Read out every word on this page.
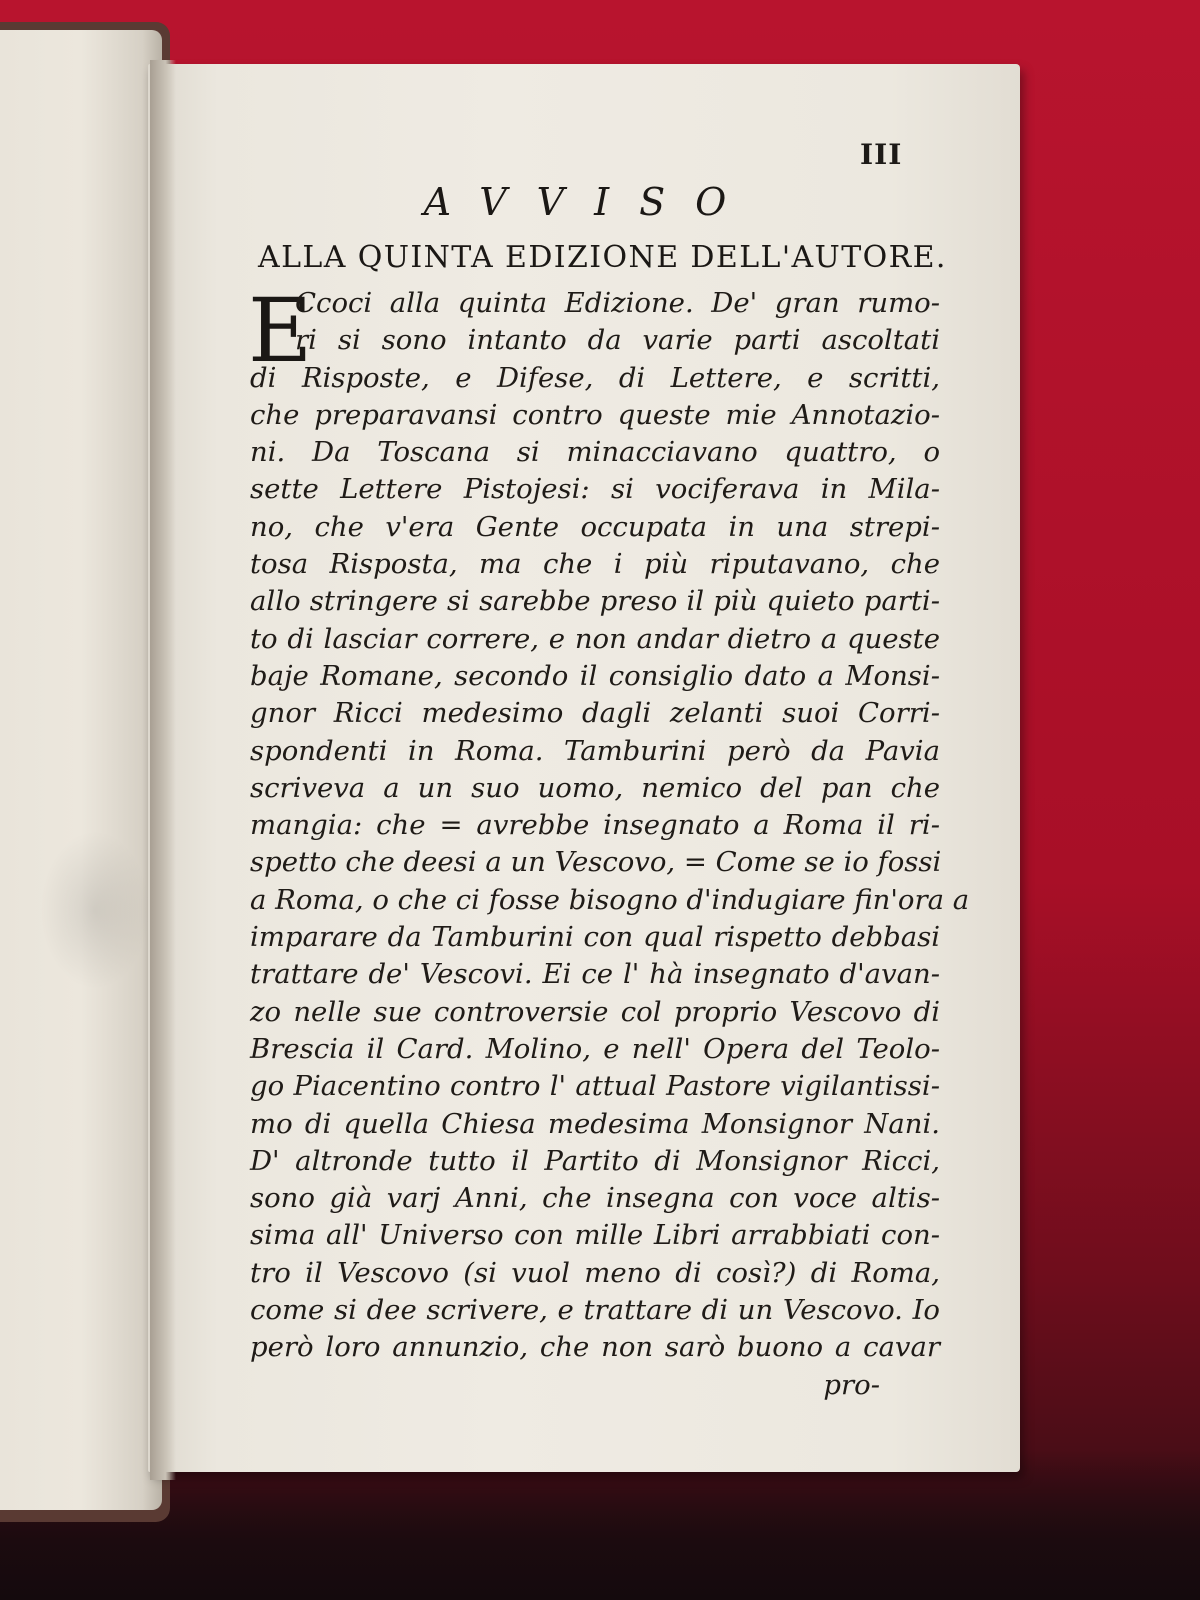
III
AVVISO
ALLA QUINTA EDIZIONE DELL'AUTORE.
E
Ccoci alla quinta Edizione. De' gran rumo-
ri si sono intanto da varie parti ascoltati
di Risposte, e Difese, di Lettere, e scritti,
che preparavansi contro queste mie Annotazio-
ni. Da Toscana si minacciavano quattro, o
sette Lettere Pistojesi: si vociferava in Mila-
no, che v'era Gente occupata in una strepi-
tosa Risposta, ma che i più riputavano, che
allo stringere si sarebbe preso il più quieto parti-
to di lasciar correre, e non andar dietro a queste
baje Romane, secondo il consiglio dato a Monsi-
gnor Ricci medesimo dagli zelanti suoi Corri-
spondenti in Roma. Tamburini però da Pavia
scriveva a un suo uomo, nemico del pan che
mangia: che = avrebbe insegnato a Roma il ri-
spetto che deesi a un Vescovo, = Come se io fossi
a Roma, o che ci fosse bisogno d'indugiare fin'ora a
imparare da Tamburini con qual rispetto debbasi
trattare de' Vescovi. Ei ce l' hà insegnato d'avan-
zo nelle sue controversie col proprio Vescovo di
Brescia il Card. Molino, e nell' Opera del Teolo-
go Piacentino contro l' attual Pastore vigilantissi-
mo di quella Chiesa medesima Monsignor Nani.
D' altronde tutto il Partito di Monsignor Ricci,
sono già varj Anni, che insegna con voce altis-
sima all' Universo con mille Libri arrabbiati con-
tro il Vescovo (si vuol meno di così?) di Roma,
come si dee scrivere, e trattare di un Vescovo. Io
però loro annunzio, che non sarò buono a cavar
pro-
